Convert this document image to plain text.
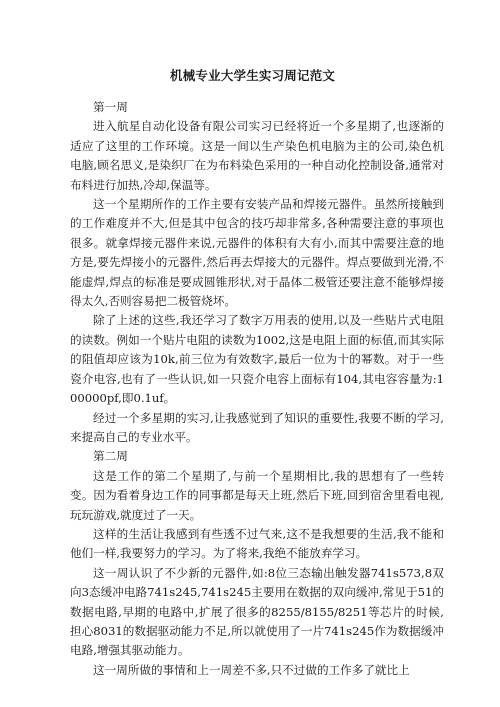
机械专业大学生实习周记范文

第一周

进入航星自动化设备有限公司实习已经将近一个多星期了,也逐渐的适应了这里的工作环境。这是一间以生产染色机电脑为主的公司,染色机电脑,顾名思义,是染织厂在为布料染色采用的一种自动化控制设备,通常对布料进行加热,冷却,保温等。

这一个星期所作的工作主要有安装产品和焊接元器件。虽然所接触到的工作难度并不大,但是其中包含的技巧却非常多,各种需要注意的事项也很多。就拿焊接元器件来说,元器件的体积有大有小,而其中需要注意的地方是,要先焊接小的元器件,然后再去焊接大的元器件。焊点要做到光滑,不能虚焊,焊点的标准是要成圆锥形状,对于晶体二极管还要注意不能够焊接得太久,否则容易把二极管烧坏。

除了上述的这些,我还学习了数字万用表的使用,以及一些贴片式电阻的读数。例如一个贴片电阻的读数为1002,这是电阻上面的标值,而其实际的阻值却应该为10k,前三位为有效数字,最后一位为十的幂数。对于一些瓷介电容,也有了一些认识,如一只瓷介电容上面标有104,其电容容量为:100000pf,即0.1uf。

经过一个多星期的实习,让我感觉到了知识的重要性,我要不断的学习,来提高自己的专业水平。

第二周

这是工作的第二个星期了,与前一个星期相比,我的思想有了一些转变。因为看着身边工作的同事都是每天上班,然后下班,回到宿舍里看电视,玩玩游戏,就度过了一天。

这样的生活让我感到有些透不过气来,这不是我想要的生活,我不能和他们一样,我要努力的学习。为了将来,我绝不能放弃学习。

这一周认识了不少新的元器件,如:8位三态输出触发器741s573,8双向3态缓冲电路741s245,741s245主要用在数据的双向缓冲,常见于51的数据电路,早期的电路中,扩展了很多的8255/8155/8251等芯片的时候,担心8031的数据驱动能力不足,所以就使用了一片741s245作为数据缓冲电路,增强其驱动能力。

这一周所做的事情和上一周差不多,只不过做的工作多了就比上
